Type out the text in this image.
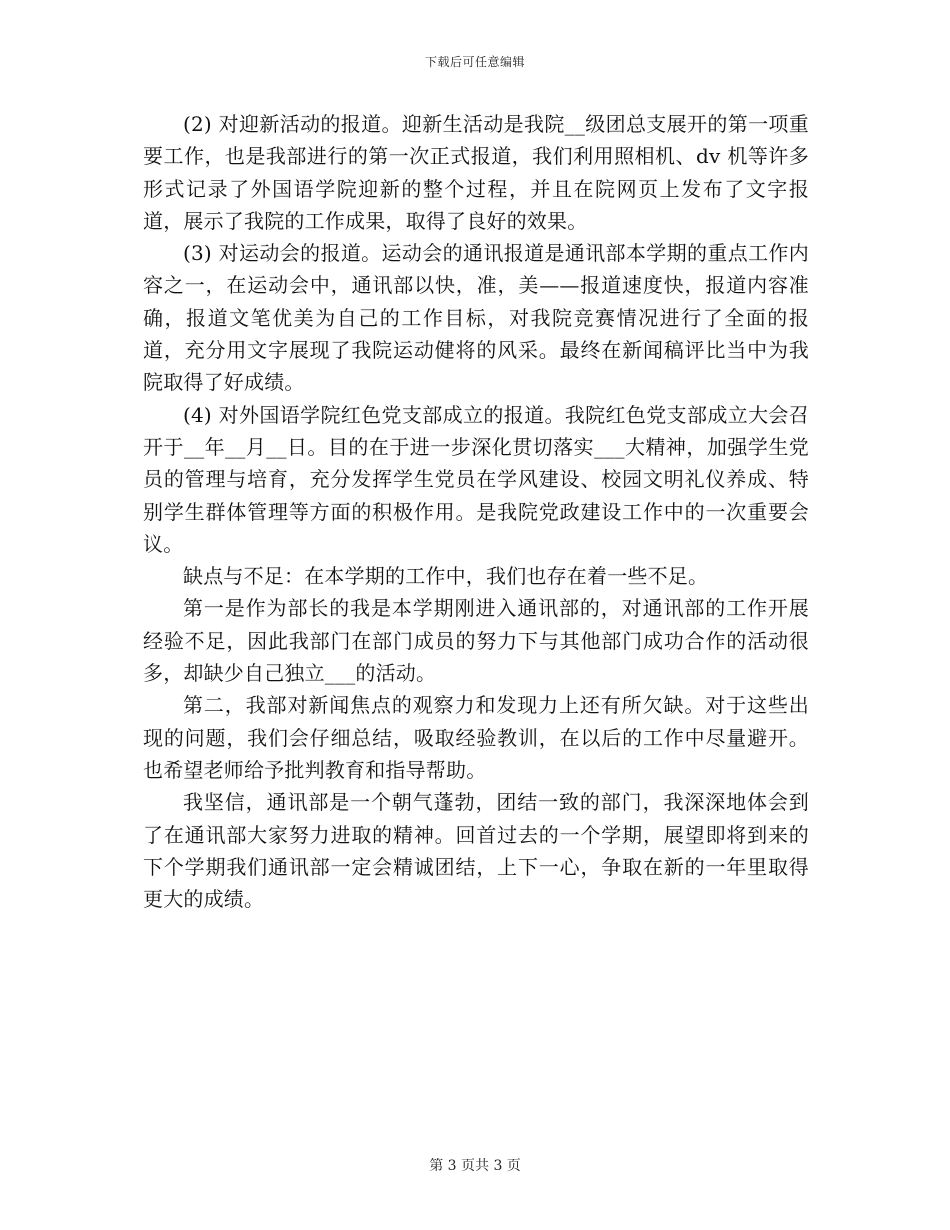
下载后可任意编辑

(2) 对迎新活动的报道。迎新生活动是我院__级团总支展开的第一项重要工作，也是我部进行的第一次正式报道，我们利用照相机、dv 机等许多形式记录了外国语学院迎新的整个过程，并且在院网页上发布了文字报道，展示了我院的工作成果，取得了良好的效果。

(3) 对运动会的报道。运动会的通讯报道是通讯部本学期的重点工作内容之一，在运动会中，通讯部以快，准，美——报道速度快，报道内容准确，报道文笔优美为自己的工作目标，对我院竞赛情况进行了全面的报道，充分用文字展现了我院运动健将的风采。最终在新闻稿评比当中为我院取得了好成绩。

(4) 对外国语学院红色党支部成立的报道。我院红色党支部成立大会召开于__年__月__日。目的在于进一步深化贯切落实___大精神，加强学生党员的管理与培育，充分发挥学生党员在学风建设、校园文明礼仪养成、特别学生群体管理等方面的积极作用。是我院党政建设工作中的一次重要会议。

缺点与不足：在本学期的工作中，我们也存在着一些不足。

第一是作为部长的我是本学期刚进入通讯部的，对通讯部的工作开展经验不足，因此我部门在部门成员的努力下与其他部门成功合作的活动很多，却缺少自己独立___的活动。

第二，我部对新闻焦点的观察力和发现力上还有所欠缺。对于这些出现的问题，我们会仔细总结，吸取经验教训，在以后的工作中尽量避开。也希望老师给予批判教育和指导帮助。

我坚信，通讯部是一个朝气蓬勃，团结一致的部门，我深深地体会到了在通讯部大家努力进取的精神。回首过去的一个学期，展望即将到来的下个学期我们通讯部一定会精诚团结，上下一心，争取在新的一年里取得更大的成绩。

第 3 页共 3 页
